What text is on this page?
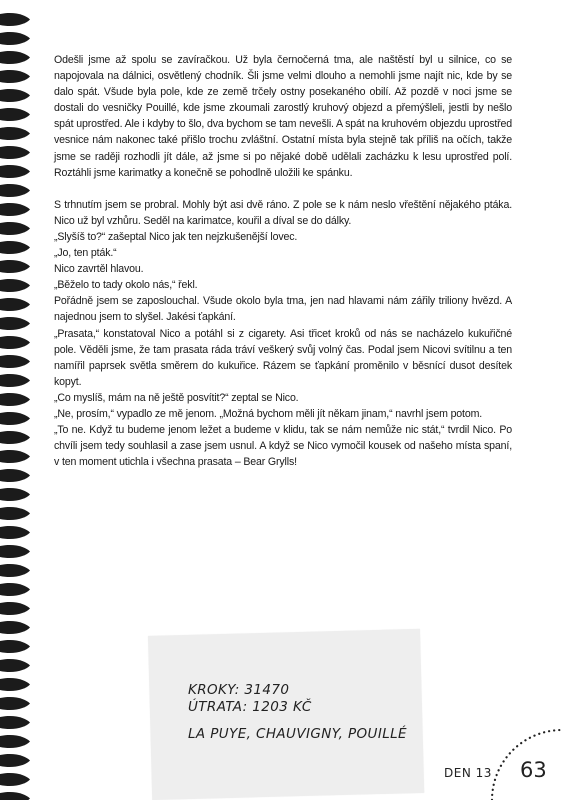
Odešli jsme až spolu se zavíračkou. Už byla černočerná tma, ale naštěstí byl u silnice, co se napojovala na dálnici, osvětlený chodník. Šli jsme velmi dlouho a nemohli jsme najít nic, kde by se dalo spát. Všude byla pole, kde ze země trčely ostny posekaného obilí. Až pozdě v noci jsme se dostali do vesničky Pouillé, kde jsme zkoumali zarostlý kruhový objezd a přemýšleli, jestli by nešlo spát uprostřed. Ale i kdyby to šlo, dva bychom se tam nevešli. A spát na kruhovém objezdu uprostřed vesnice nám nakonec také přišlo trochu zvláštní. Ostatní místa byla stejně tak příliš na očích, takže jsme se raději rozhodli jít dále, až jsme si po nějaké době udělali zacházku k lesu uprostřed polí. Roztáhli jsme karimatky a konečně se pohodlně uložili ke spánku.

S trhnutím jsem se probral. Mohly být asi dvě ráno. Z pole se k nám neslo vřeštění nějakého ptáka. Nico už byl vzhůru. Seděl na karimatce, kouřil a díval se do dálky.

„Slyšíš to?“ zašeptal Nico jak ten nejzkušenější lovec.

„Jo, ten pták.“

Nico zavrtěl hlavou.

„Běželo to tady okolo nás,“ řekl.

Pořádně jsem se zaposlouchal. Všude okolo byla tma, jen nad hlavami nám zářily triliony hvězd. A najednou jsem to slyšel. Jakési ťapkání.

„Prasata,“ konstatoval Nico a potáhl si z cigarety. Asi třicet kroků od nás se nacházelo kukuřičné pole. Věděli jsme, že tam prasata ráda tráví veškerý svůj volný čas. Podal jsem Nicovi svítilnu a ten namířil paprsek světla směrem do kukuřice. Rázem se ťapkání proměnilo v běsnící dusot desítek kopyt.

„Co myslíš, mám na ně ještě posvítit?“ zeptal se Nico.

„Ne, prosím,“ vypadlo ze mě jenom. „Možná bychom měli jít někam jinam,“ navrhl jsem potom.

„To ne. Když tu budeme jenom ležet a budeme v klidu, tak se nám nemůže nic stát,“ tvrdil Nico. Po chvíli jsem tedy souhlasil a zase jsem usnul. A když se Nico vymočil kousek od našeho místa spaní, v ten moment utichla i všechna prasata – Bear Grylls!

KROKY: 31470
ÚTRATA: 1203 KČ
LA PUYE, CHAUVIGNY, POUILLÉ
DEN 13 63
